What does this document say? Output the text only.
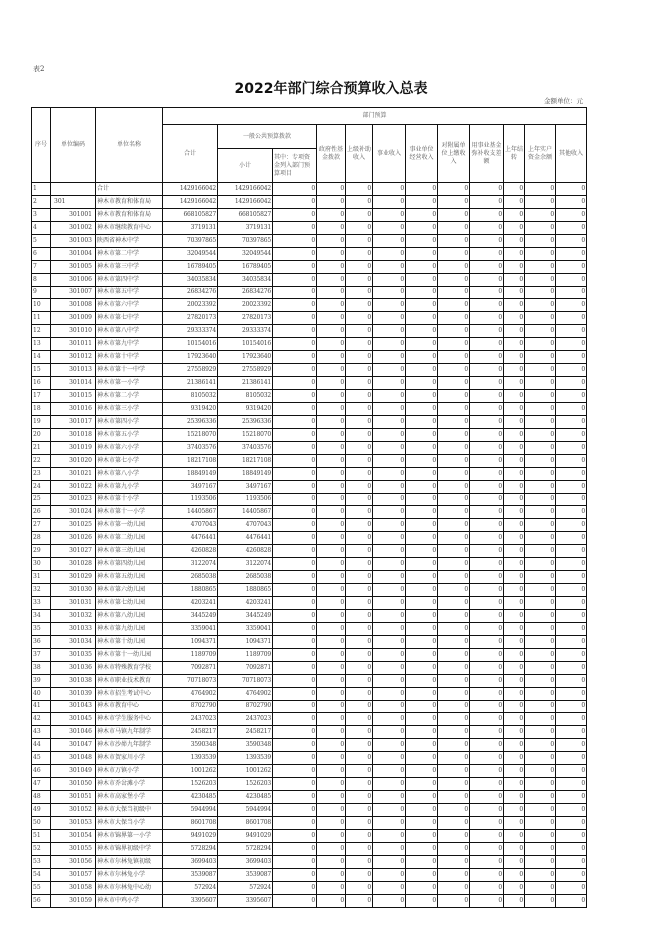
表2
2022年部门综合预算收入总表
金额单位：元
序号	单位编码	单位名称	部门预算											
			合计	一般公共预算拨款		政府性基金拨款	上级补助收入	事业收入	事业单位经营收入	对附属单位上缴收入	用事业基金弥补收支差额	上年结转	上年实户资金余额	其他收入
				小计	其中：专项资金列入部门预算项目									
1		合计	1429166042	1429166042	0	0	0	0	0	0	0	0	0	0
2	301	神木市教育和体育局	1429166042	1429166042	0	0	0	0	0	0	0	0	0	0
3	301001	神木市教育和体育局	668105827	668105827	0	0	0	0	0	0	0	0	0	0
4	301002	神木市继续教育中心	3719131	3719131	0	0	0	0	0	0	0	0	0	0
5	301003	陕西省神木中学	70397865	70397865	0	0	0	0	0	0	0	0	0	0
6	301004	神木市第二中学	32049544	32049544	0	0	0	0	0	0	0	0	0	0
7	301005	神木市第三中学	16789405	16789405	0	0	0	0	0	0	0	0	0	0
8	301006	神木市第四中学	34035834	34035834	0	0	0	0	0	0	0	0	0	0
9	301007	神木市第五中学	26834276	26834276	0	0	0	0	0	0	0	0	0	0
10	301008	神木市第六中学	20023392	20023392	0	0	0	0	0	0	0	0	0	0
11	301009	神木市第七中学	27820173	27820173	0	0	0	0	0	0	0	0	0	0
12	301010	神木市第八中学	29333374	29333374	0	0	0	0	0	0	0	0	0	0
13	301011	神木市第九中学	10154016	10154016	0	0	0	0	0	0	0	0	0	0
14	301012	神木市第十中学	17923640	17923640	0	0	0	0	0	0	0	0	0	0
15	301013	神木市第十一中学	27558929	27558929	0	0	0	0	0	0	0	0	0	0
16	301014	神木市第一小学	21386141	21386141	0	0	0	0	0	0	0	0	0	0
17	301015	神木市第二小学	8105032	8105032	0	0	0	0	0	0	0	0	0	0
18	301016	神木市第三小学	9319420	9319420	0	0	0	0	0	0	0	0	0	0
19	301017	神木市第四小学	25396336	25396336	0	0	0	0	0	0	0	0	0	0
20	301018	神木市第五小学	15218070	15218070	0	0	0	0	0	0	0	0	0	0
21	301019	神木市第六小学	37403576	37403576	0	0	0	0	0	0	0	0	0	0
22	301020	神木市第七小学	18217108	18217108	0	0	0	0	0	0	0	0	0	0
23	301021	神木市第八小学	18849149	18849149	0	0	0	0	0	0	0	0	0	0
24	301022	神木市第九小学	3497167	3497167	0	0	0	0	0	0	0	0	0	0
25	301023	神木市第十小学	1193506	1193506	0	0	0	0	0	0	0	0	0	0
26	301024	神木市第十一小学	14405867	14405867	0	0	0	0	0	0	0	0	0	0
27	301025	神木市第一幼儿园	4707043	4707043	0	0	0	0	0	0	0	0	0	0
28	301026	神木市第二幼儿园	4476441	4476441	0	0	0	0	0	0	0	0	0	0
29	301027	神木市第三幼儿园	4260828	4260828	0	0	0	0	0	0	0	0	0	0
30	301028	神木市第四幼儿园	3122074	3122074	0	0	0	0	0	0	0	0	0	0
31	301029	神木市第五幼儿园	2685038	2685038	0	0	0	0	0	0	0	0	0	0
32	301030	神木市第六幼儿园	1880865	1880865	0	0	0	0	0	0	0	0	0	0
33	301031	神木市第七幼儿园	4203241	4203241	0	0	0	0	0	0	0	0	0	0
34	301032	神木市第八幼儿园	3445249	3445249	0	0	0	0	0	0	0	0	0	0
35	301033	神木市第九幼儿园	3359041	3359041	0	0	0	0	0	0	0	0	0	0
36	301034	神木市第十幼儿园	1094371	1094371	0	0	0	0	0	0	0	0	0	0
37	301035	神木市第十一幼儿园	1189709	1189709	0	0	0	0	0	0	0	0	0	0
38	301036	神木市特殊教育学校	7092871	7092871	0	0	0	0	0	0	0	0	0	0
39	301038	神木市职业技术教育	70718073	70718073	0	0	0	0	0	0	0	0	0	0
40	301039	神木市招生考试中心	4764902	4764902	0	0	0	0	0	0	0	0	0	0
41	301043	神木市教育中心	8702790	8702790	0	0	0	0	0	0	0	0	0	0
42	301045	神木市学生服务中心	2437023	2437023	0	0	0	0	0	0	0	0	0	0
43	301046	神木市马镇九年制学	2458217	2458217	0	0	0	0	0	0	0	0	0	0
44	301047	神木市沙峁九年制学	3590348	3590348	0	0	0	0	0	0	0	0	0	0
45	301048	神木市贺家川小学	1393539	1393539	0	0	0	0	0	0	0	0	0	0
46	301049	神木市万镇小学	1001262	1001262	0	0	0	0	0	0	0	0	0	0
47	301050	神木市乔岔滩小学	1526203	1526203	0	0	0	0	0	0	0	0	0	0
48	301051	神木市高家堡小学	4230485	4230485	0	0	0	0	0	0	0	0	0	0
49	301052	神木市大保当初级中	5944994	5944994	0	0	0	0	0	0	0	0	0	0
50	301053	神木市大保当小学	8601708	8601708	0	0	0	0	0	0	0	0	0	0
51	301054	神木市锦界第一小学	9491029	9491029	0	0	0	0	0	0	0	0	0	0
52	301055	神木市锦界初级中学	5728294	5728294	0	0	0	0	0	0	0	0	0	0
53	301056	神木市尔林兔镇初级	3699403	3699403	0	0	0	0	0	0	0	0	0	0
54	301057	神木市尔林兔小学	3539087	3539087	0	0	0	0	0	0	0	0	0	0
55	301058	神木市尔林兔中心幼	572924	572924	0	0	0	0	0	0	0	0	0	0
56	301059	神木市中鸡小学	3395607	3395607	0	0	0	0	0	0	0	0	0	0
